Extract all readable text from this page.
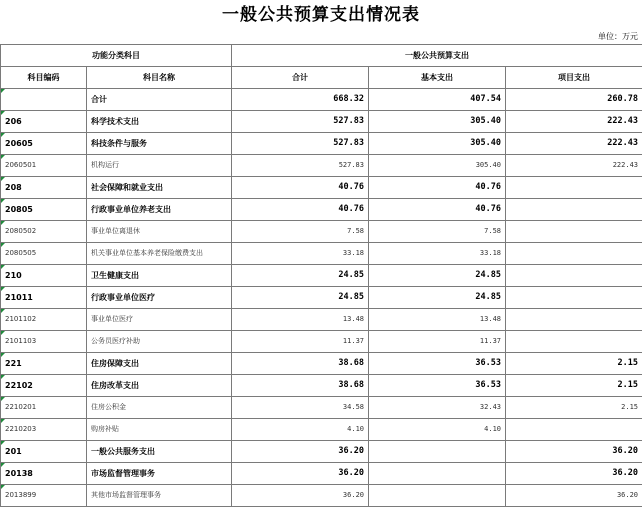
一般公共预算支出情况表
单位：万元
功能分类科目		一般公共预算支出		
科目编码	科目名称	合计	基本支出	项目支出

	合计	668.32	407.54	260.78
206	科学技术支出	527.83	305.40	222.43
20605	科技条件与服务	527.83	305.40	222.43
2060501	机构运行	527.83	305.40	222.43
208	社会保障和就业支出	40.76	40.76	
20805	行政事业单位养老支出	40.76	40.76	
2080502	事业单位离退休	7.58	7.58	
2080505	机关事业单位基本养老保险缴费支出	33.18	33.18	
210	卫生健康支出	24.85	24.85	
21011	行政事业单位医疗	24.85	24.85	
2101102	事业单位医疗	13.48	13.48	
2101103	公务员医疗补助	11.37	11.37	
221	住房保障支出	38.68	36.53	2.15
22102	住房改革支出	38.68	36.53	2.15
2210201	住房公积金	34.58	32.43	2.15
2210203	购房补贴	4.10	4.10	
201	一般公共服务支出	36.20		36.20
20138	市场监督管理事务	36.20		36.20
2013899	其他市场监督管理事务	36.20		36.20
